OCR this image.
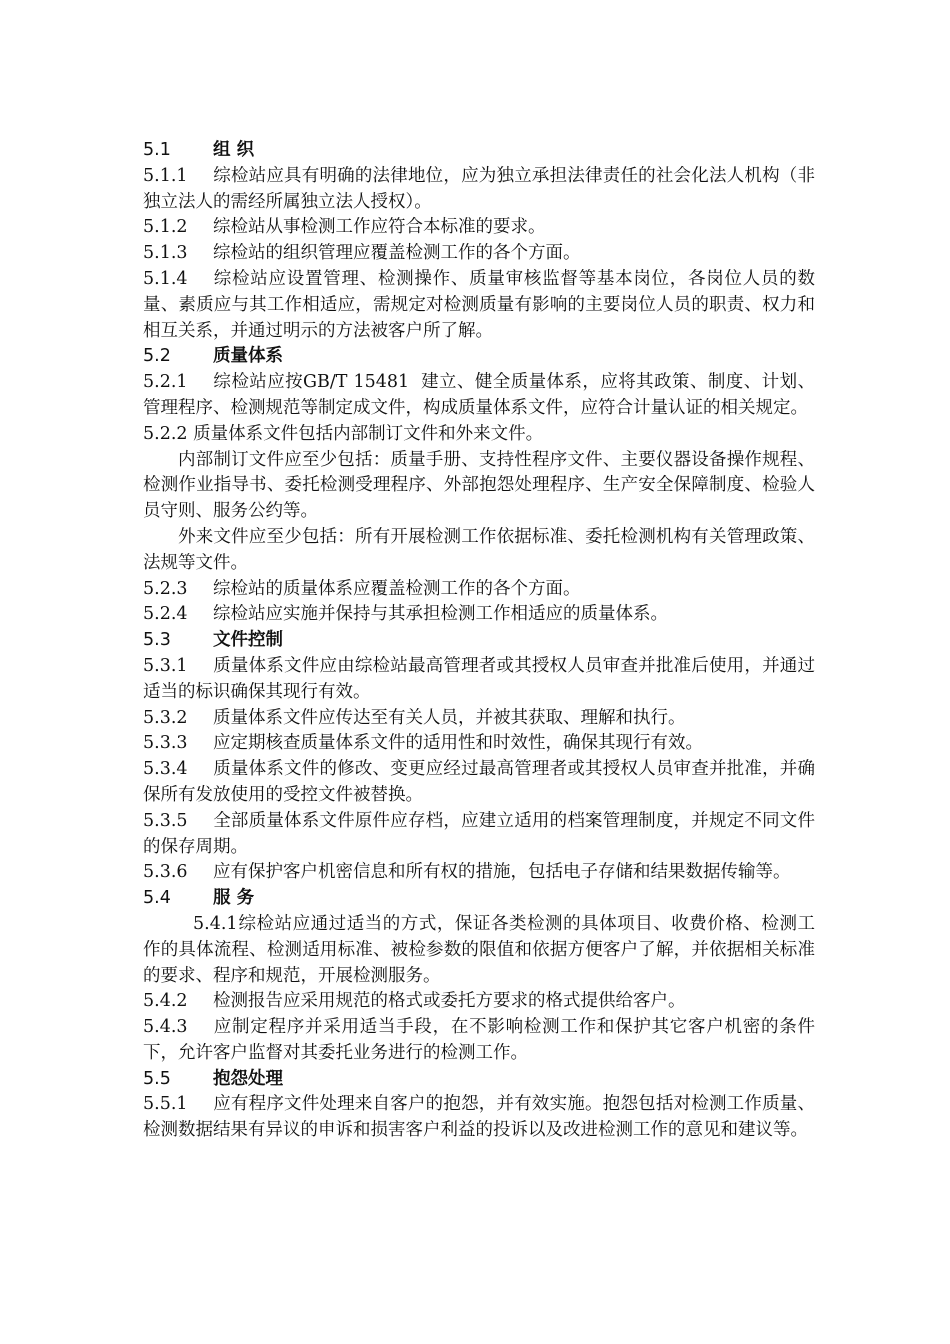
5.1 组 织

5.1.1 综检站应具有明确的法律地位，应为独立承担法律责任的社会化法人机构（非独立法人的需经所属独立法人授权）。

5.1.2 综检站从事检测工作应符合本标准的要求。

5.1.3 综检站的组织管理应覆盖检测工作的各个方面。

5.1.4 综检站应设置管理、检测操作、质量审核监督等基本岗位，各岗位人员的数量、素质应与其工作相适应，需规定对检测质量有影响的主要岗位人员的职责、权力和相互关系，并通过明示的方法被客户所了解。

5.2 质量体系

5.2.1 综检站应按GB/T 15481  建立、健全质量体系，应将其政策、制度、计划、管理程序、检测规范等制定成文件，构成质量体系文件，应符合计量认证的相关规定。

5.2.2 质量体系文件包括内部制订文件和外来文件。

内部制订文件应至少包括：质量手册、支持性程序文件、主要仪器设备操作规程、检测作业指导书、委托检测受理程序、外部抱怨处理程序、生产安全保障制度、检验人员守则、服务公约等。

外来文件应至少包括：所有开展检测工作依据标准、委托检测机构有关管理政策、法规等文件。

5.2.3 综检站的质量体系应覆盖检测工作的各个方面。

5.2.4 综检站应实施并保持与其承担检测工作相适应的质量体系。

5.3 文件控制

5.3.1 质量体系文件应由综检站最高管理者或其授权人员审查并批准后使用，并通过适当的标识确保其现行有效。

5.3.2 质量体系文件应传达至有关人员，并被其获取、理解和执行。

5.3.3 应定期核查质量体系文件的适用性和时效性，确保其现行有效。

5.3.4 质量体系文件的修改、变更应经过最高管理者或其授权人员审查并批准，并确保所有发放使用的受控文件被替换。

5.3.5 全部质量体系文件原件应存档，应建立适用的档案管理制度，并规定不同文件的保存周期。

5.3.6 应有保护客户机密信息和所有权的措施，包括电子存储和结果数据传输等。

5.4 服 务

5.4.1综检站应通过适当的方式，保证各类检测的具体项目、收费价格、检测工作的具体流程、检测适用标准、被检参数的限值和依据方便客户了解，并依据相关标准的要求、程序和规范，开展检测服务。

5.4.2 检测报告应采用规范的格式或委托方要求的格式提供给客户。

5.4.3 应制定程序并采用适当手段，在不影响检测工作和保护其它客户机密的条件下，允许客户监督对其委托业务进行的检测工作。

5.5 抱怨处理

5.5.1 应有程序文件处理来自客户的抱怨，并有效实施。抱怨包括对检测工作质量、检测数据结果有异议的申诉和损害客户利益的投诉以及改进检测工作的意见和建议等。
